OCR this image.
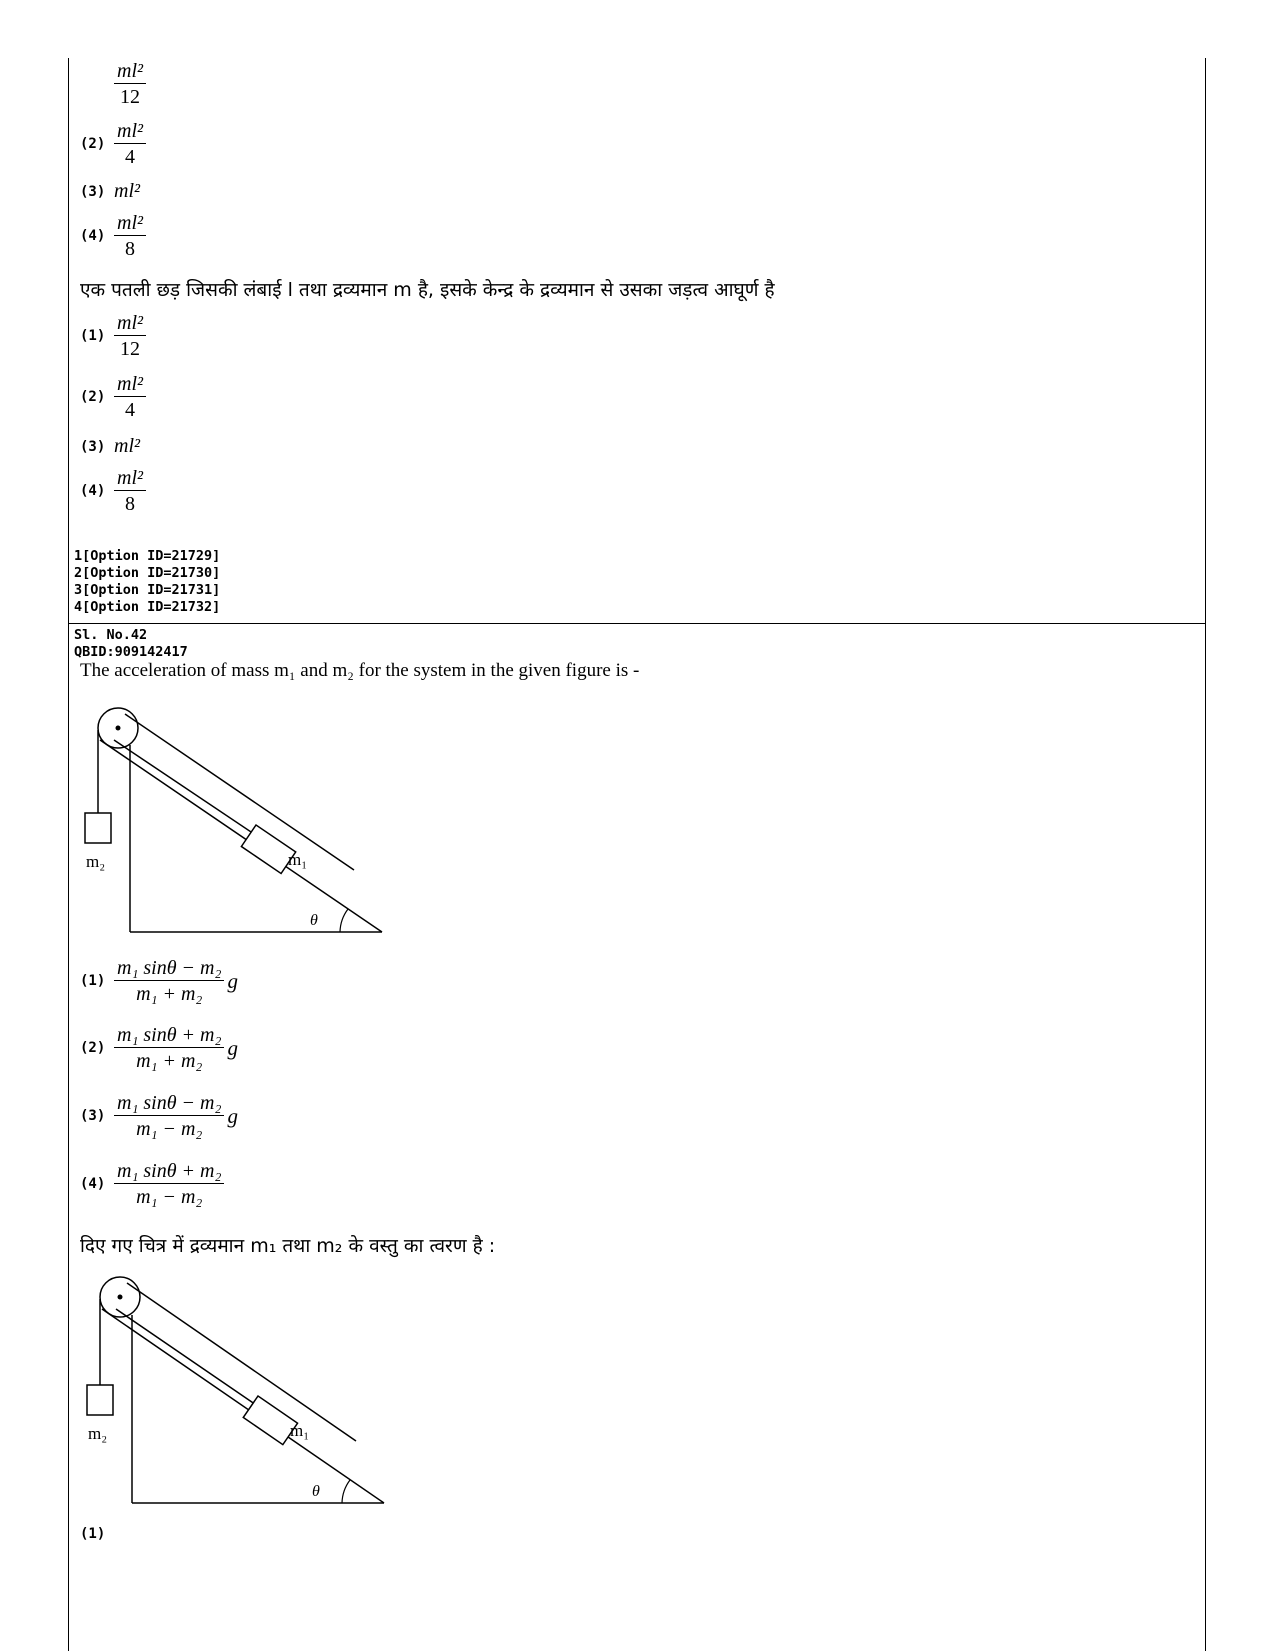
$\frac{\text{ml²}}{12}$
$(2) \frac{\text{ml²}}{4}$
(3) ml²
$(4) \frac{\text{ml²}}{8}$
एक पतली छड़ जिसकी लंबाई l तथा द्रव्यमान m है, इसके केन्द्र के द्रव्यमान से उसका जड़त्व आघूर्ण है
$(1) \frac{\text{ml²}}{12}$
$(2) \frac{\text{ml²}}{4}$
(3) ml²
$(4) \frac{\text{ml²}}{8}$
1[Option ID=21729]
2[Option ID=21730]
3[Option ID=21731]
4[Option ID=21732]
Sl. No.42
QBID:909142417
The acceleration of mass m₁ and m₂ for the system in the given figure is -
m₁
m₂
θ
$(1) \frac{\text{m₁ sinθ − m₂}}{\text{m₁ + m₂}}$ g
$(2) \frac{\text{m₁ sinθ + m₂}}{\text{m₁ + m₂}}$ g
$(3) \frac{\text{m₁ sinθ − m₂}}{\text{m₁ − m₂}}$ g
$(4) \frac{\text{m₁ sinθ + m₂}}{\text{m₁ − m₂}}$
दिए गए चित्र में द्रव्यमान m₁ तथा m₂ के वस्तु का त्वरण है :
m₁
m₂
θ
(1)
